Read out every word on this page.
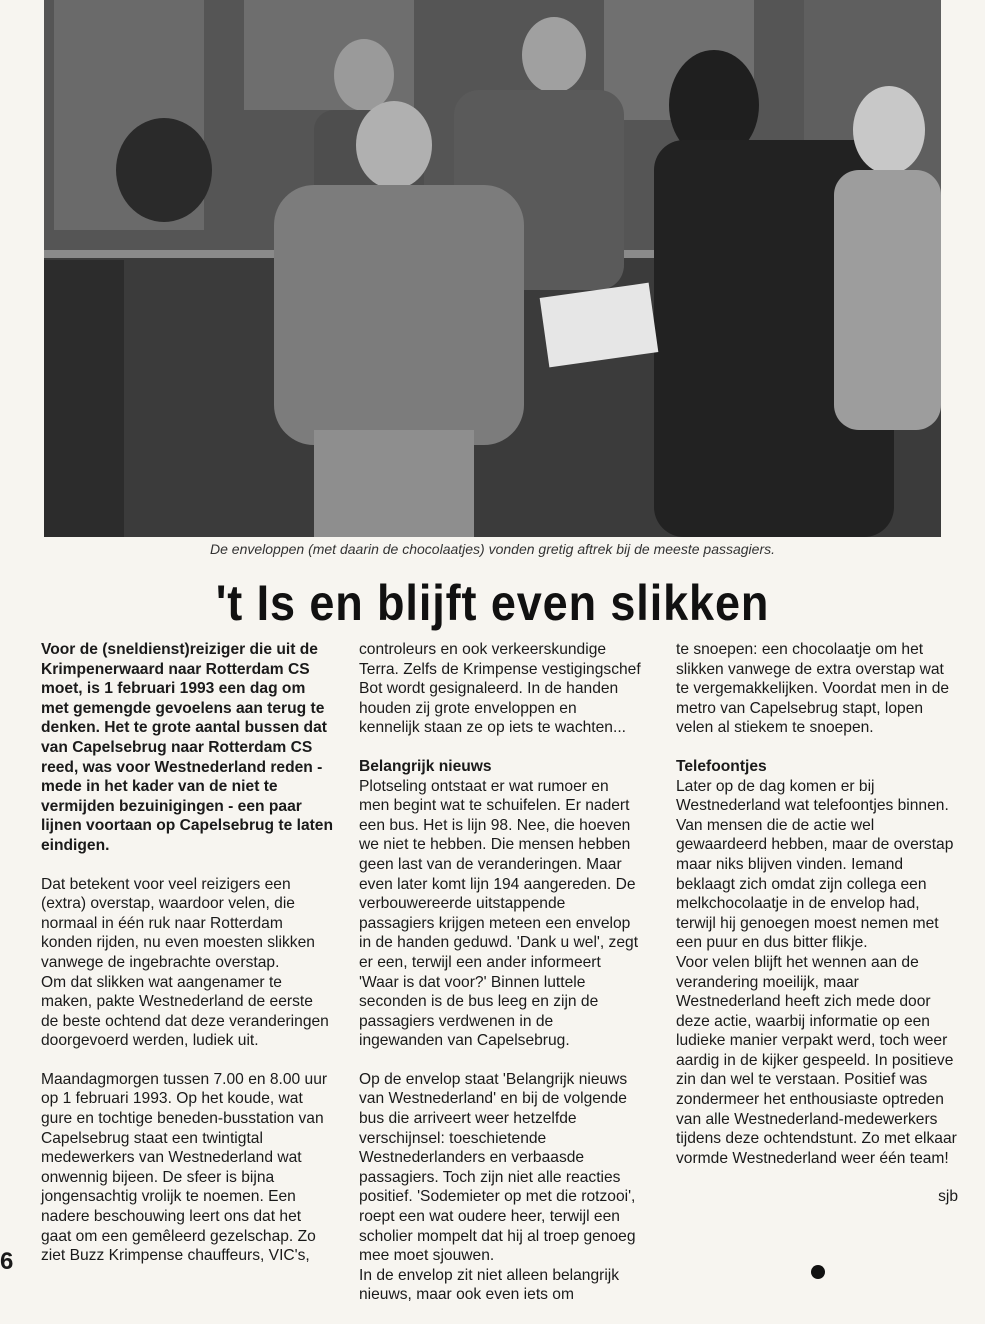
De enveloppen (met daarin de chocolaatjes) vonden gretig aftrek bij de meeste passagiers.
't Is en blijft even slikken

Voor de (sneldienst)reiziger die uit de Krimpenerwaard naar Rotterdam CS moet, is 1 februari 1993 een dag om met gemengde gevoelens aan terug te denken. Het te grote aantal bussen dat van Capelsebrug naar Rotterdam CS reed, was voor Westnederland reden - mede in het kader van de niet te vermijden bezuinigingen - een paar lijnen voortaan op Capelsebrug te laten eindigen.

Dat betekent voor veel reizigers een (extra) overstap, waardoor velen, die normaal in één ruk naar Rotterdam konden rijden, nu even moesten slikken vanwege de ingebrachte overstap.

Om dat slikken wat aangenamer te maken, pakte Westnederland de eerste de beste ochtend dat deze veranderingen doorgevoerd werden, ludiek uit.

Maandagmorgen tussen 7.00 en 8.00 uur op 1 februari 1993. Op het koude, wat gure en tochtige beneden-busstation van Capelsebrug staat een twintigtal medewerkers van Westnederland wat onwennig bijeen. De sfeer is bijna jongensachtig vrolijk te noemen. Een nadere beschouwing leert ons dat het gaat om een gemêleerd gezelschap. Zo ziet Buzz Krimpense chauffeurs, VIC's,

controleurs en ook verkeerskundige Terra. Zelfs de Krimpense vestigingschef Bot wordt gesignaleerd. In de handen houden zij grote enveloppen en kennelijk staan ze op iets te wachten...

Belangrijk nieuws

Plotseling ontstaat er wat rumoer en men begint wat te schuifelen. Er nadert een bus. Het is lijn 98. Nee, die hoeven we niet te hebben. Die mensen hebben geen last van de veranderingen. Maar even later komt lijn 194 aangereden. De verbouwereerde uitstappende passagiers krijgen meteen een envelop in de handen geduwd. 'Dank u wel', zegt er een, terwijl een ander informeert 'Waar is dat voor?' Binnen luttele seconden is de bus leeg en zijn de passagiers verdwenen in de ingewanden van Capelsebrug.

Op de envelop staat 'Belangrijk nieuws van Westnederland' en bij de volgende bus die arriveert weer hetzelfde verschijnsel: toeschietende Westnederlanders en verbaasde passagiers. Toch zijn niet alle reacties positief. 'Sodemieter op met die rotzooi', roept een wat oudere heer, terwijl een scholier mompelt dat hij al troep genoeg mee moet sjouwen.

In de envelop zit niet alleen belangrijk nieuws, maar ook even iets om

te snoepen: een chocolaatje om het slikken vanwege de extra overstap wat te vergemakkelijken. Voordat men in de metro van Capelsebrug stapt, lopen velen al stiekem te snoepen.

Telefoontjes

Later op de dag komen er bij Westnederland wat telefoontjes binnen. Van mensen die de actie wel gewaardeerd hebben, maar de overstap maar niks blijven vinden. Iemand beklaagt zich omdat zijn collega een melkchocolaatje in de envelop had, terwijl hij genoegen moest nemen met een puur en dus bitter flikje.

Voor velen blijft het wennen aan de verandering moeilijk, maar Westnederland heeft zich mede door deze actie, waarbij informatie op een ludieke manier verpakt werd, toch weer aardig in de kijker gespeeld. In positieve zin dan wel te verstaan. Positief was zondermeer het enthousiaste optreden van alle Westnederland-medewerkers tijdens deze ochtendstunt. Zo met elkaar vormde Westnederland weer één team!

sjb
6
